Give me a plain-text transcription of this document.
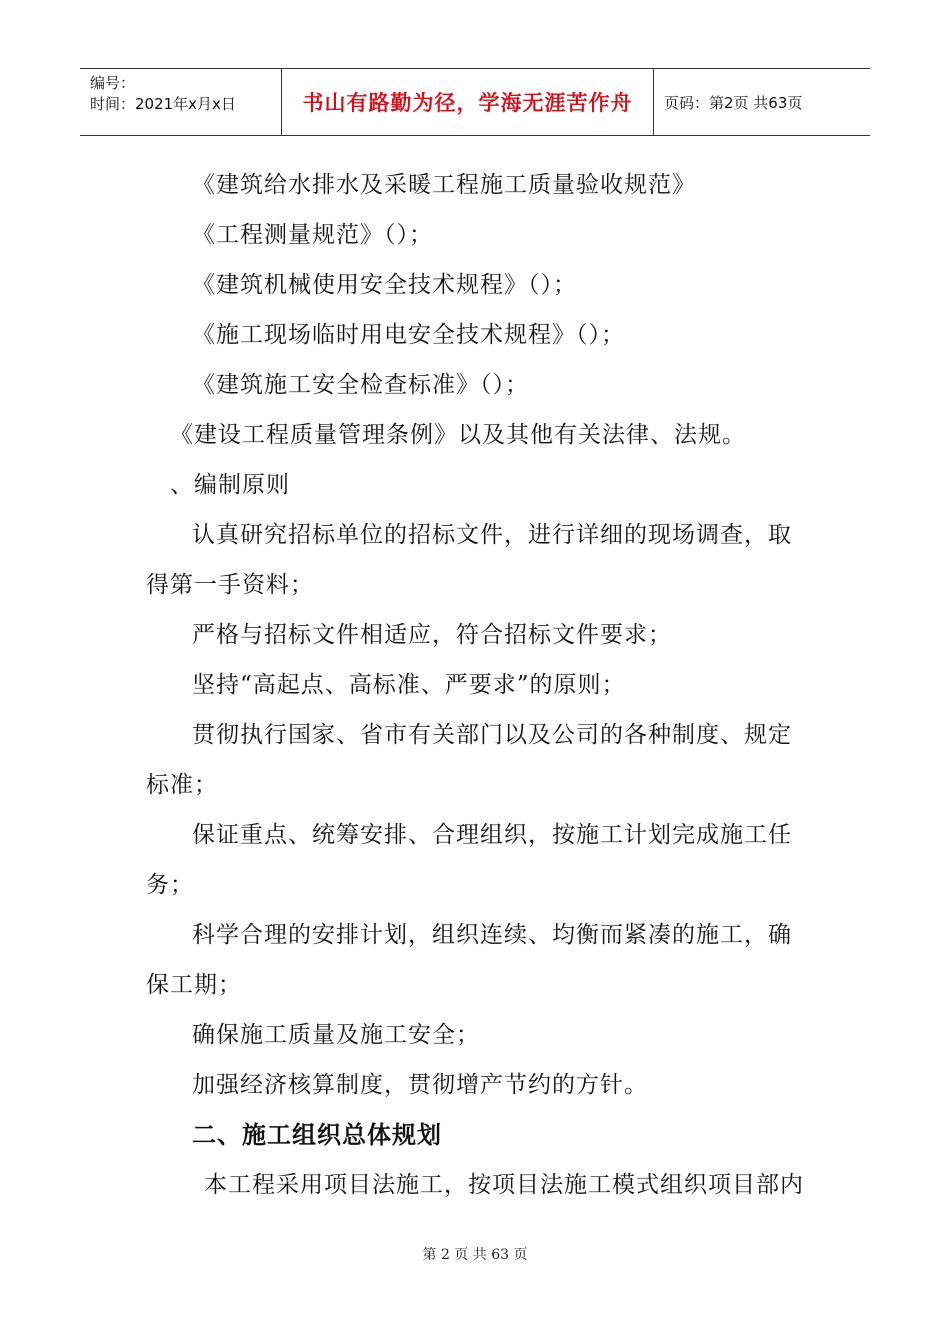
编号：
时间：2021年x月x日	书山有路勤为径，学海无涯苦作舟	页码：第2页 共63页
《建筑给水排水及采暖工程施工质量验收规范》
《工程测量规范》（）；
《建筑机械使用安全技术规程》（）；
《施工现场临时用电安全技术规程》（）；
《建筑施工安全检查标准》（）；
《建设工程质量管理条例》以及其他有关法律、法规。
、编制原则
认真研究招标单位的招标文件，进行详细的现场调查，取
得第一手资料；
严格与招标文件相适应，符合招标文件要求；
坚持“高起点、高标准、严要求”的原则；
贯彻执行国家、省市有关部门以及公司的各种制度、规定
标准；
保证重点、统筹安排、合理组织，按施工计划完成施工任
务；
科学合理的安排计划，组织连续、均衡而紧凑的施工，确
保工期；
确保施工质量及施工安全；
加强经济核算制度，贯彻增产节约的方针。
二、施工组织总体规划
本工程采用项目法施工，按项目法施工模式组织项目部内
第 2 页 共 63 页
